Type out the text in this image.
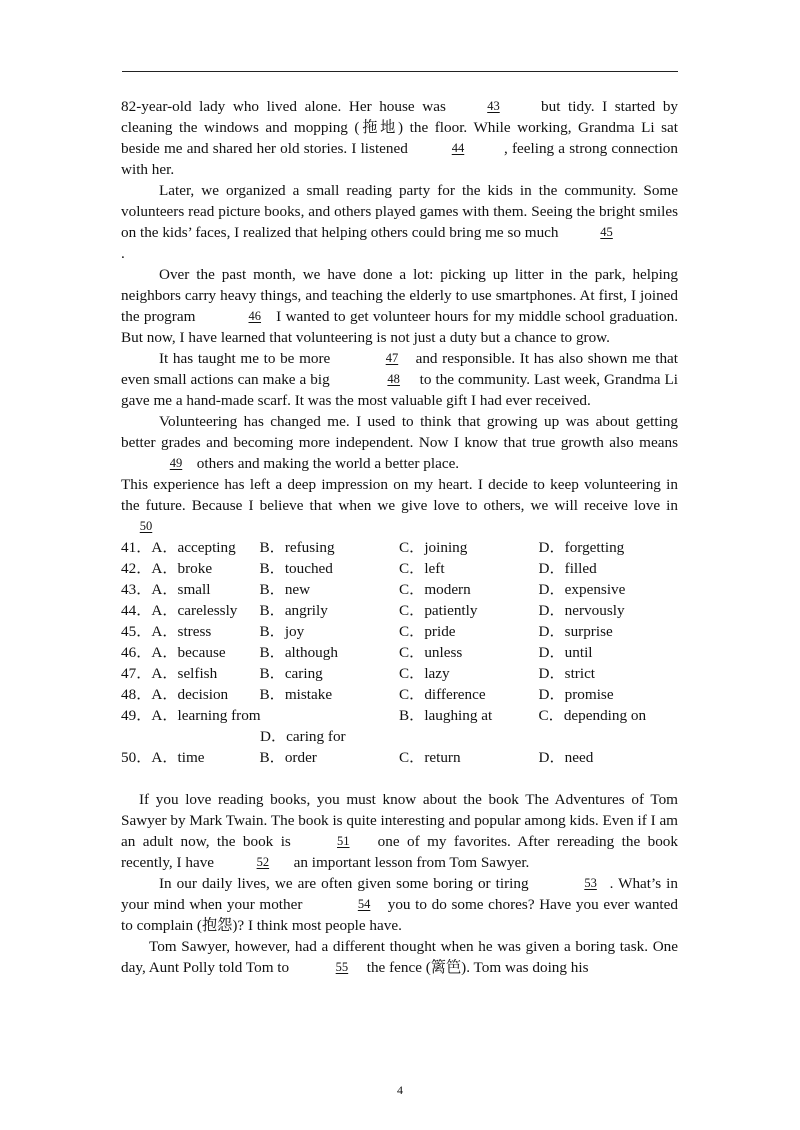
82-year-old lady who lived alone. Her house was	43 but tidy. I started by cleaning the windows and mopping (拖地) the floor. While working, Grandma Li sat beside me and shared her old stories. I listened	44	, feeling a strong connection with her.

Later, we organized a small reading party for the kids in the community. Some volunteers read picture books, and others played games with them. Seeing the bright smiles on the kids’ faces, I realized that helping others could bring me so much	45
.

Over the past month, we have done a lot: picking up litter in the park, helping neighbors carry heavy things, and teaching the elderly to use smartphones. At first, I joined the program	46 I wanted to get volunteer hours for my middle school graduation. But now, I have learned that volunteering is not just a duty but a chance to grow.

It has taught me to be more	47 and responsible. It has also shown me that even small actions can make a big	48 to the community. Last week, Grandma Li gave me a hand-made scarf. It was the most valuable gift I had ever received.

Volunteering has changed me. I used to think that growing up was about getting better grades and becoming more independent. Now I know that true growth also means 49 others and making the world a better place.

This experience has left a deep impression on my heart. I decide to keep volunteering in the future. Because I believe that when we give love to others, we will receive love in 50

41．A．accepting	B．refusing	C．joining	D．forgetting
42．A．broke	B．touched	C．left	D．filled
43．A．small	B．new	C．modern	D．expensive
44．A．carelessly	B．angrily	C．patiently	D．nervously
45．A．stress	B．joy	C．pride	D．surprise
46．A．because	B．although	C．unless	D．until
47．A．selfish	B．caring	C．lazy	D．strict
48．A．decision	B．mistake	C．difference	D．promise
49．A．learning from	B．laughing at	C．depending on
D．caring for
50．A．time	B．order	C．return	D．need

If you love reading books, you must know about the book The Adventures of Tom Sawyer by Mark Twain. The book is quite interesting and popular among kids. Even if I am an adult now, the book is	51 one of my favorites. After rereading the book recently, I have	52 an important lesson from Tom Sawyer.

In our daily lives, we are often given some boring or tiring	53 . What’s in your mind when your mother	54 you to do some chores? Have you ever wanted to complain (抱怨)? I think most people have.

Tom Sawyer, however, had a different thought when he was given a boring task. One day, Aunt Polly told Tom to	55 the fence (篱笆). Tom was doing his

4
